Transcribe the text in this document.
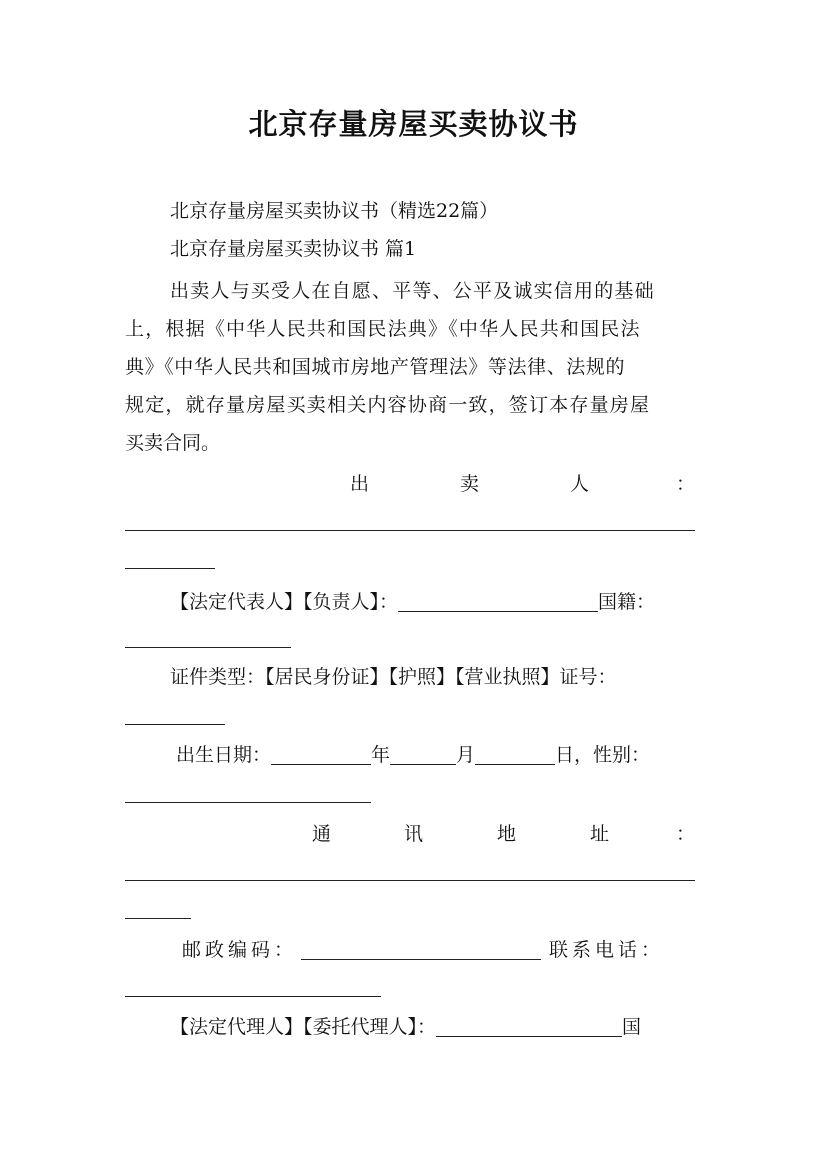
北京存量房屋买卖协议书
北京存量房屋买卖协议书（精选22篇）
北京存量房屋买卖协议书 篇1
出卖人与买受人在自愿、平等、公平及诚实信用的基础
上，根据《中华人民共和国民法典》《中华人民共和国民法
典》《中华人民共和国城市房地产管理法》等法律、法规的
规定，就存量房屋买卖相关内容协商一致，签订本存量房屋
买卖合同。
出	卖	人	：
【法定代表人】【负责人】：	国籍：
证件类型：【居民身份证】【护照】【营业执照】证号：
出生日期：	年	月	日，性别：
通	讯	地	址	：
邮政编码：	联系电话：
【法定代理人】【委托代理人】：	国
